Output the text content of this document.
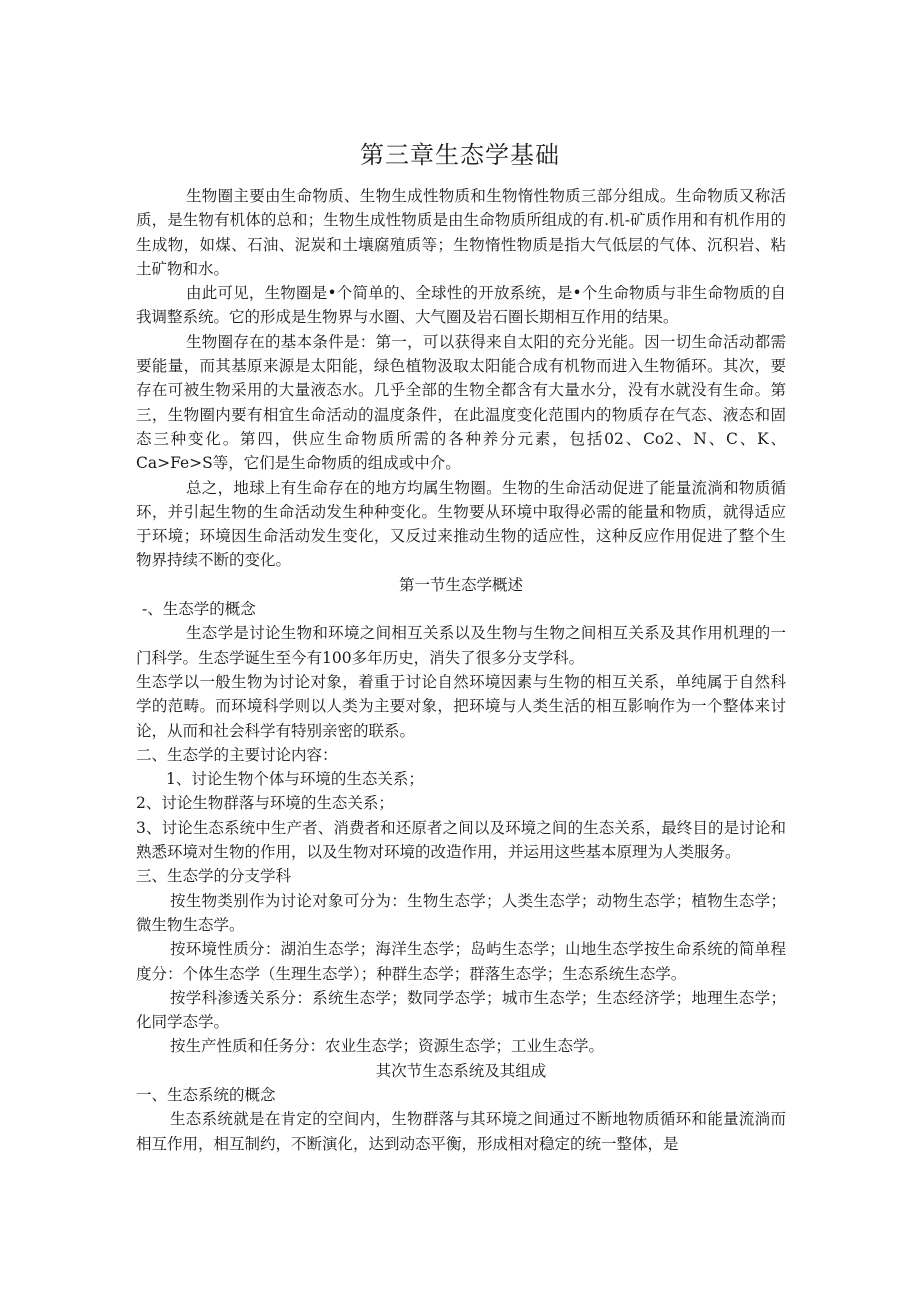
第三章生态学基础

生物圈主要由生命物质、生物生成性物质和生物惰性物质三部分组成。生命物质又称活质，是生物有机体的总和；生物生成性物质是由生命物质所组成的有.机-矿质作用和有机作用的生成物，如煤、石油、泥炭和土壤腐殖质等；生物惰性物质是指大气低层的气体、沉积岩、粘土矿物和水。

由此可见，生物圈是•个简单的、全球性的开放系统，是•个生命物质与非生命物质的自我调整系统。它的形成是生物界与水圈、大气圈及岩石圈长期相互作用的结果。

生物圈存在的基本条件是：第一，可以获得来自太阳的充分光能。因一切生命活动都需要能量，而其基原来源是太阳能，绿色植物汲取太阳能合成有机物而进入生物循环。其次，要存在可被生物采用的大量液态水。几乎全部的生物全都含有大量水分，没有水就没有生命。第三，生物圈内要有相宜生命活动的温度条件，在此温度变化范围内的物质存在气态、液态和固态三种变化。第四，供应生命物质所需的各种养分元素，包括02、Co2、N、C、K、Ca>Fe>S等，它们是生命物质的组成或中介。

总之，地球上有生命存在的地方均属生物圈。生物的生命活动促进了能量流淌和物质循环，并引起生物的生命活动发生种种变化。生物要从环境中取得必需的能量和物质，就得适应于环境；环境因生命活动发生变化，又反过来推动生物的适应性，这种反应作用促进了整个生物界持续不断的变化。

第一节生态学概述

-、生态学的概念

生态学是讨论生物和环境之间相互关系以及生物与生物之间相互关系及其作用机理的一门科学。生态学诞生至今有100多年历史，消失了很多分支学科。

生态学以一般生物为讨论对象，着重于讨论自然环境因素与生物的相互关系，单纯属于自然科学的范畴。而环境科学则以人类为主要对象，把环境与人类生活的相互影响作为一个整体来讨论，从而和社会科学有特别亲密的联系。

二、生态学的主要讨论内容：

1、讨论生物个体与环境的生态关系；

2、讨论生物群落与环境的生态关系；

3、讨论生态系统中生产者、消费者和还原者之间以及环境之间的生态关系，最终目的是讨论和熟悉环境对生物的作用，以及生物对环境的改造作用，并运用这些基本原理为人类服务。

三、生态学的分支学科

按生物类别作为讨论对象可分为：生物生态学；人类生态学；动物生态学；植物生态学；微生物生态学。

按环境性质分：湖泊生态学；海洋生态学；岛屿生态学；山地生态学按生命系统的简单程度分：个体生态学（生理生态学）；种群生态学；群落生态学；生态系统生态学。

按学科渗透关系分：系统生态学；数同学态学；城市生态学；生态经济学；地理生态学；化同学态学。

按生产性质和任务分：农业生态学；资源生态学；工业生态学。

其次节生态系统及其组成

一、生态系统的概念

生态系统就是在肯定的空间内，生物群落与其环境之间通过不断地物质循环和能量流淌而相互作用，相互制约，不断演化，达到动态平衡，形成相对稳定的统一整体，是
